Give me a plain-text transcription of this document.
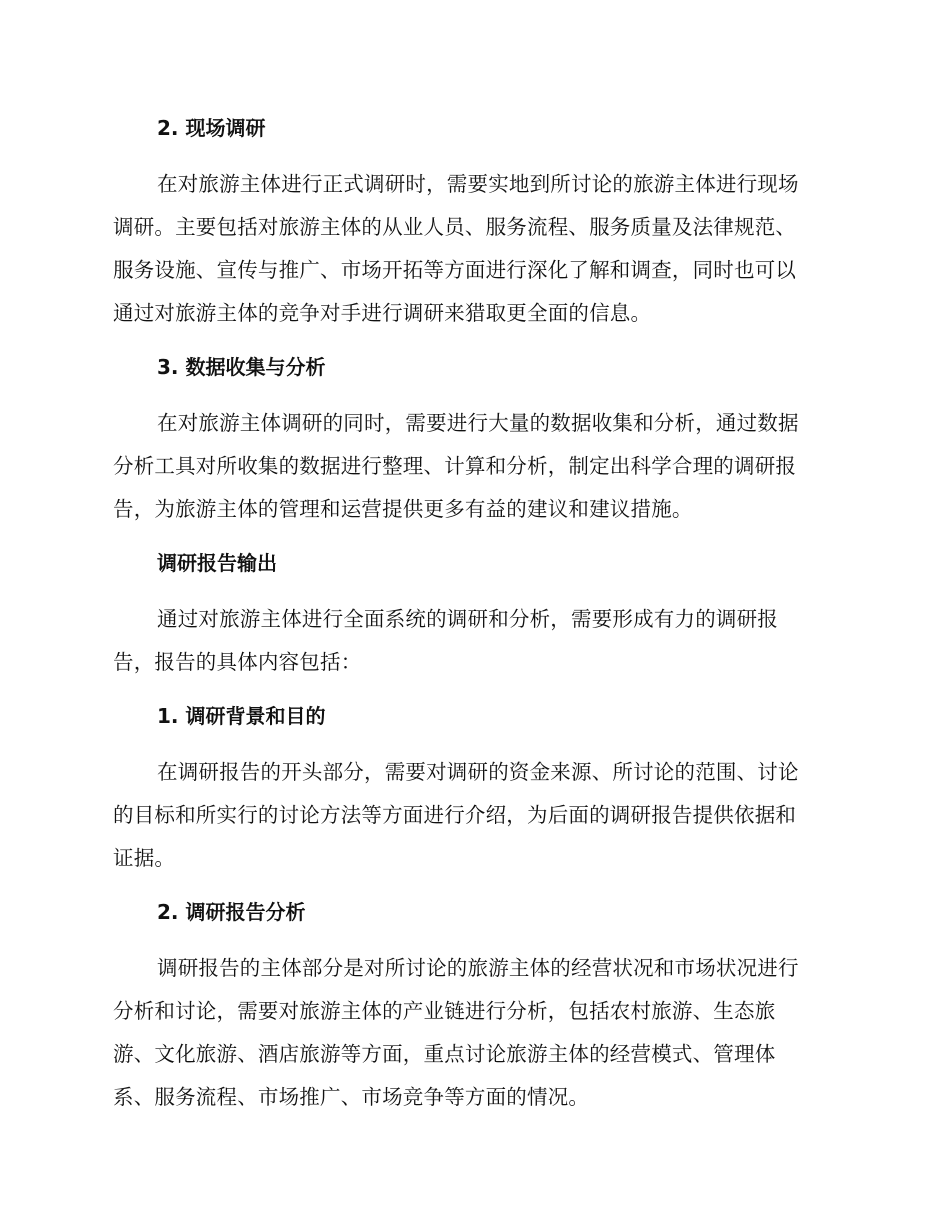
2. 现场调研

在对旅游主体进行正式调研时，需要实地到所讨论的旅游主体进行现场
调研。主要包括对旅游主体的从业人员、服务流程、服务质量及法律规范、
服务设施、宣传与推广、市场开拓等方面进行深化了解和调查，同时也可以
通过对旅游主体的竞争对手进行调研来猎取更全面的信息。

3. 数据收集与分析

在对旅游主体调研的同时，需要进行大量的数据收集和分析，通过数据
分析工具对所收集的数据进行整理、计算和分析，制定出科学合理的调研报
告，为旅游主体的管理和运营提供更多有益的建议和建议措施。

调研报告输出

通过对旅游主体进行全面系统的调研和分析，需要形成有力的调研报
告，报告的具体内容包括：

1. 调研背景和目的

在调研报告的开头部分，需要对调研的资金来源、所讨论的范围、讨论
的目标和所实行的讨论方法等方面进行介绍，为后面的调研报告提供依据和
证据。

2. 调研报告分析

调研报告的主体部分是对所讨论的旅游主体的经营状况和市场状况进行
分析和讨论，需要对旅游主体的产业链进行分析，包括农村旅游、生态旅
游、文化旅游、酒店旅游等方面，重点讨论旅游主体的经营模式、管理体
系、服务流程、市场推广、市场竞争等方面的情况。
